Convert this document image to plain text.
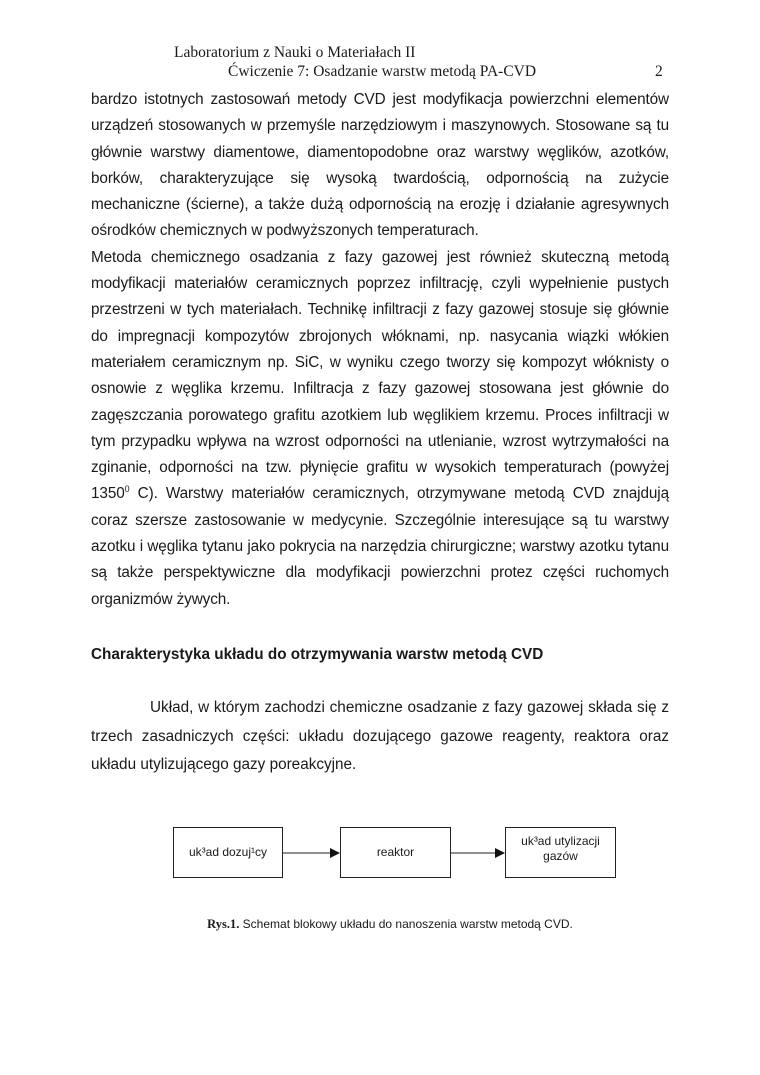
Laboratorium z Nauki o Materiałach II
Ćwiczenie 7: Osadzanie warstw metodą PA-CVD	2

bardzo istotnych zastosowań metody CVD jest modyfikacja powierzchni elementów urządzeń stosowanych w przemyśle narzędziowym i maszynowych. Stosowane są tu głównie warstwy diamentowe, diamentopodobne oraz warstwy węglików, azotków, borków, charakteryzujące się wysoką twardością, odpornością na zużycie mechaniczne (ścierne), a także dużą odpornością na erozję i działanie agresywnych ośrodków chemicznych w podwyższonych temperaturach.

Metoda chemicznego osadzania z fazy gazowej jest również skuteczną metodą modyfikacji materiałów ceramicznych poprzez infiltrację, czyli wypełnienie pustych przestrzeni w tych materiałach. Technikę infiltracji z fazy gazowej stosuje się głównie do impregnacji kompozytów zbrojonych włóknami, np. nasycania wiązki włókien materiałem ceramicznym np. SiC, w wyniku czego tworzy się kompozyt włóknisty o osnowie z węglika krzemu. Infiltracja z fazy gazowej stosowana jest głównie do zagęszczania porowatego grafitu azotkiem lub węglikiem krzemu. Proces infiltracji w tym przypadku wpływa na wzrost odporności na utlenianie, wzrost wytrzymałości na zginanie, odporności na tzw. płynięcie grafitu w wysokich temperaturach (powyżej 1350$^0$ C). Warstwy materiałów ceramicznych, otrzymywane metodą CVD znajdują coraz szersze zastosowanie w medycynie. Szczególnie interesujące są tu warstwy azotku i węglika tytanu jako pokrycia na narzędzia chirurgiczne; warstwy azotku tytanu są także perspektywiczne dla modyfikacji powierzchni protez części ruchomych organizmów żywych.

Charakterystyka układu do otrzymywania warstw metodą CVD

Układ, w którym zachodzi chemiczne osadzanie z fazy gazowej składa się z trzech zasadniczych części: układu dozującego gazowe reagenty, reaktora oraz układu utylizującego gazy poreakcyjne.

uk³ad dozuj¹cy	reaktor
uk³ad utylizacji
gazów
Rys.1. Schemat blokowy układu do nanoszenia warstw metodą CVD.
